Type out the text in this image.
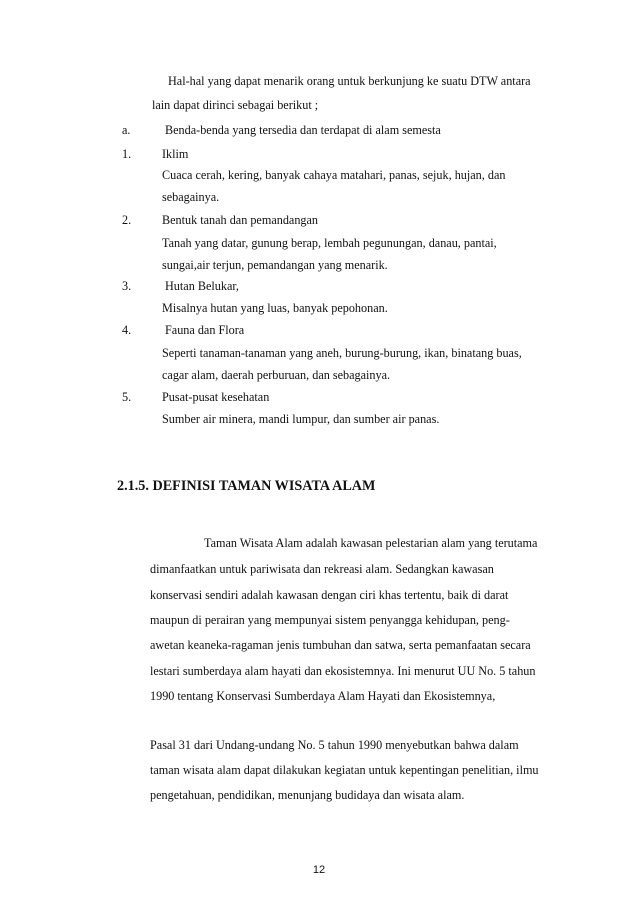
Hal-hal yang dapat menarik orang untuk berkunjung ke suatu DTW antara
lain dapat dirinci sebagai berikut ;
a.	Benda-benda yang tersedia dan terdapat di alam semesta
1.	Iklim
Cuaca cerah, kering, banyak cahaya matahari, panas, sejuk, hujan, dan
sebagainya.
2.	Bentuk tanah dan pemandangan
Tanah yang datar, gunung berap, lembah pegunungan, danau, pantai,
sungai,air terjun, pemandangan yang menarik.
3.	Hutan Belukar,
Misalnya hutan yang luas, banyak pepohonan.
4.	Fauna dan Flora
Seperti tanaman-tanaman yang aneh, burung-burung, ikan, binatang buas,
cagar alam, daerah perburuan, dan sebagainya.
5.	Pusat-pusat kesehatan
Sumber air minera, mandi lumpur, dan sumber air panas.
2.1.5. DEFINISI TAMAN WISATA ALAM
Taman Wisata Alam adalah kawasan pelestarian alam yang terutama
dimanfaatkan untuk pariwisata dan rekreasi alam. Sedangkan kawasan
konservasi sendiri adalah kawasan dengan ciri khas tertentu, baik di darat
maupun di perairan yang mempunyai sistem penyangga kehidupan, peng-
awetan keaneka-ragaman jenis tumbuhan dan satwa, serta pemanfaatan secara
lestari sumberdaya alam hayati dan ekosistemnya. Ini menurut UU No. 5 tahun
1990 tentang Konservasi Sumberdaya Alam Hayati dan Ekosistemnya,
Pasal 31 dari Undang-undang No. 5 tahun 1990 menyebutkan bahwa dalam
taman wisata alam dapat dilakukan kegiatan untuk kepentingan penelitian, ilmu
pengetahuan, pendidikan, menunjang budidaya dan wisata alam.
12
